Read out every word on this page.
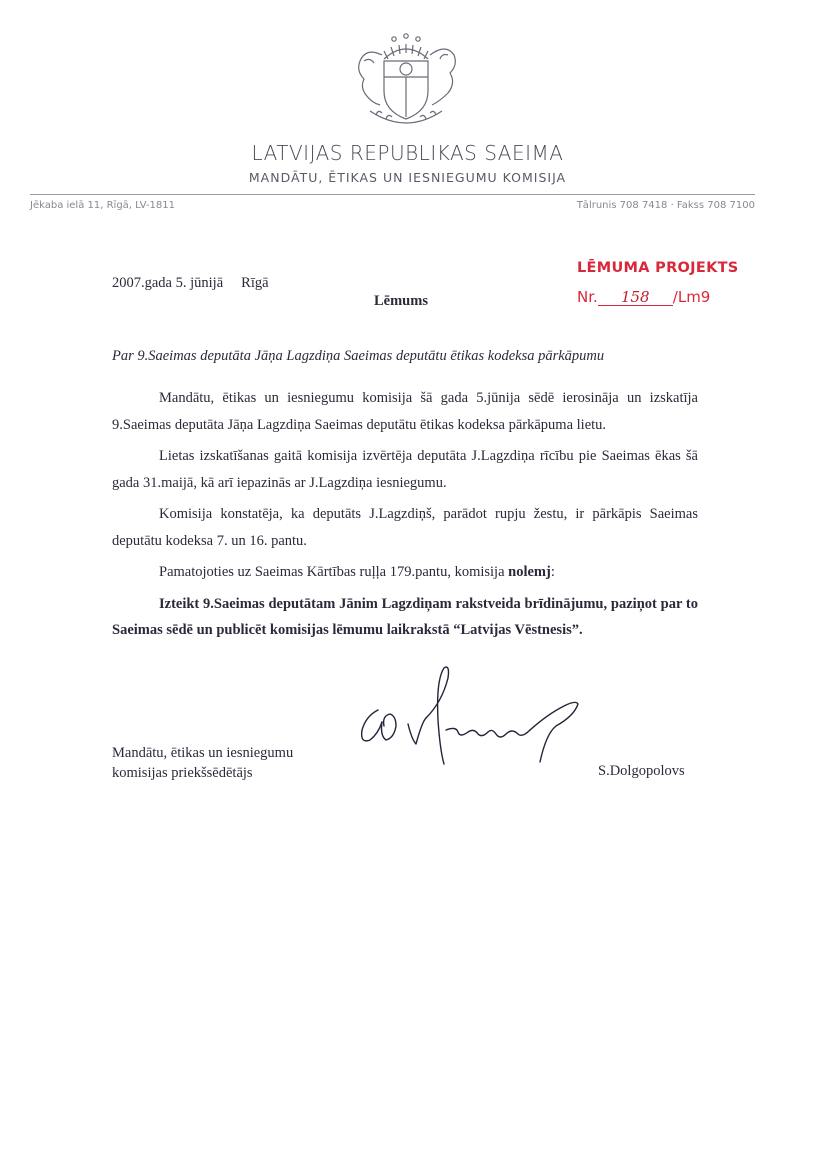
LATVIJAS REPUBLIKAS SAEIMA
MANDĀTU, ĒTIKAS UN IESNIEGUMU KOMISIJA
Jēkaba ielā 11, Rīgā, LV-1811	Tālrunis 708 7418 · Fakss 708 7100
2007.gada 5. jūnijā Rīgā
Lēmums
LĒMUMA PROJEKTS
Nr. 158 /Lm9
Par 9.Saeimas deputāta Jāņa Lagzdiņa Saeimas deputātu ētikas kodeksa pārkāpumu

Mandātu, ētikas un iesniegumu komisija šā gada 5.jūnija sēdē ierosināja un izskatīja 9.Saeimas deputāta Jāņa Lagzdiņa Saeimas deputātu ētikas kodeksa pārkāpuma lietu.

Lietas izskatīšanas gaitā komisija izvērtēja deputāta J.Lagzdiņa rīcību pie Saeimas ēkas šā gada 31.maijā, kā arī iepazinās ar J.Lagzdiņa iesniegumu.

Komisija konstatēja, ka deputāts J.Lagzdiņš, parādot rupju žestu, ir pārkāpis Saeimas deputātu kodeksa 7. un 16. pantu.

Pamatojoties uz Saeimas Kārtības ruļļa 179.pantu, komisija nolemj:

Izteikt 9.Saeimas deputātam Jānim Lagzdiņam rakstveida brīdinājumu, paziņot par to Saeimas sēdē un publicēt komisijas lēmumu laikrakstā “Latvijas Vēstnesis”.

Mandātu, ētikas un iesniegumu
komisijas priekšsēdētājs	S.Dolgopolovs
